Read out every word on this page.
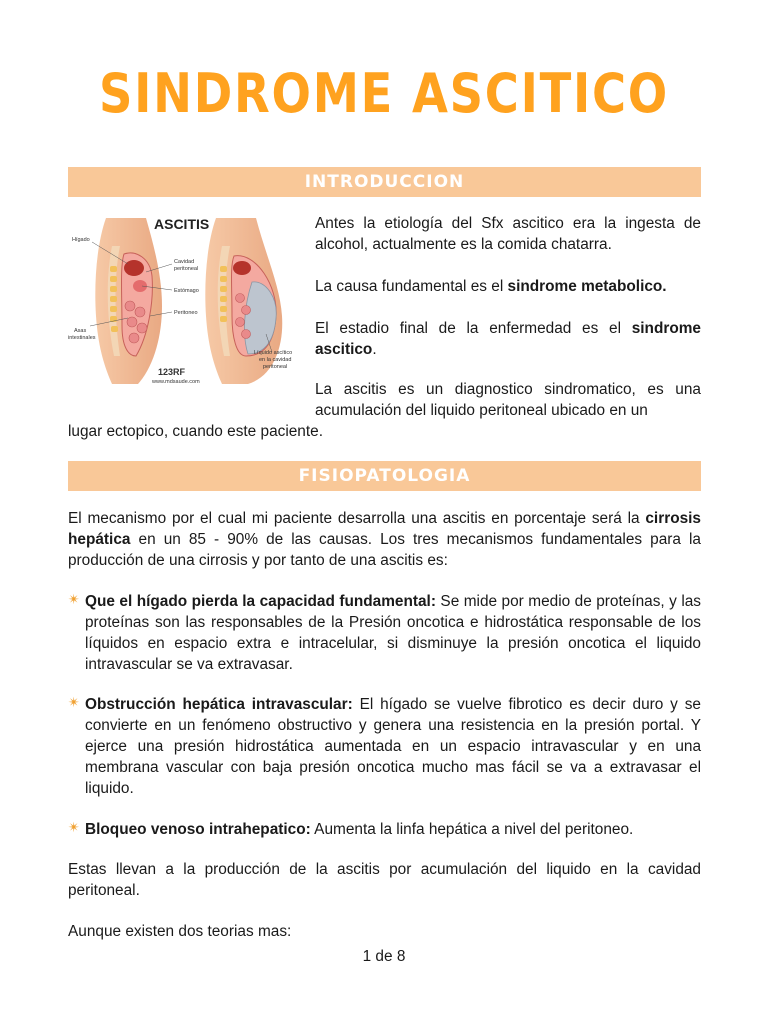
SINDROME ASCITICO
INTRODUCCION
ASCITIS
Hígado
Cavidad
peritoneal
Estómago
Peritoneo
Asas
intestinales
Líquido ascítico
en la cavidad
peritoneal
123RF
www.mdsaude.com

Antes la etiología del Sfx ascitico era la ingesta de alcohol, actualmente es la comida chatarra.

La causa fundamental es el sindrome metabolico.

El estadio final de la enfermedad es el sindrome ascitico.

La ascitis es un diagnostico sindromatico, es una acumulación del liquido peritoneal ubicado en un

lugar ectopico, cuando este paciente.

FISIOPATOLOGIA

El mecanismo por el cual mi paciente desarrolla una ascitis en porcentaje será la cirrosis hepática en un 85 - 90% de las causas. Los tres mecanismos fundamentales para la producción de una cirrosis y por tanto de una ascitis es:

✴ Que el hígado pierda la capacidad fundamental: Se mide por medio de proteínas, y las proteínas son las responsables de la Presión oncotica e hidrostática responsable de los líquidos en espacio extra e intracelular, si disminuye la presión oncotica el liquido intravascular se va extravasar.
✴ Obstrucción hepática intravascular: El hígado se vuelve fibrotico es decir duro y se convierte en un fenómeno obstructivo y genera una resistencia en la presión portal. Y ejerce una presión hidrostática aumentada en un espacio intravascular y en una membrana vascular con baja presión oncotica mucho mas fácil se va a extravasar el liquido.
✴ Bloqueo venoso intrahepatico: Aumenta la linfa hepática a nivel del peritoneo.

Estas llevan a la producción de la ascitis por acumulación del liquido en la cavidad peritoneal.

Aunque existen dos teorias mas:

1 de 8
